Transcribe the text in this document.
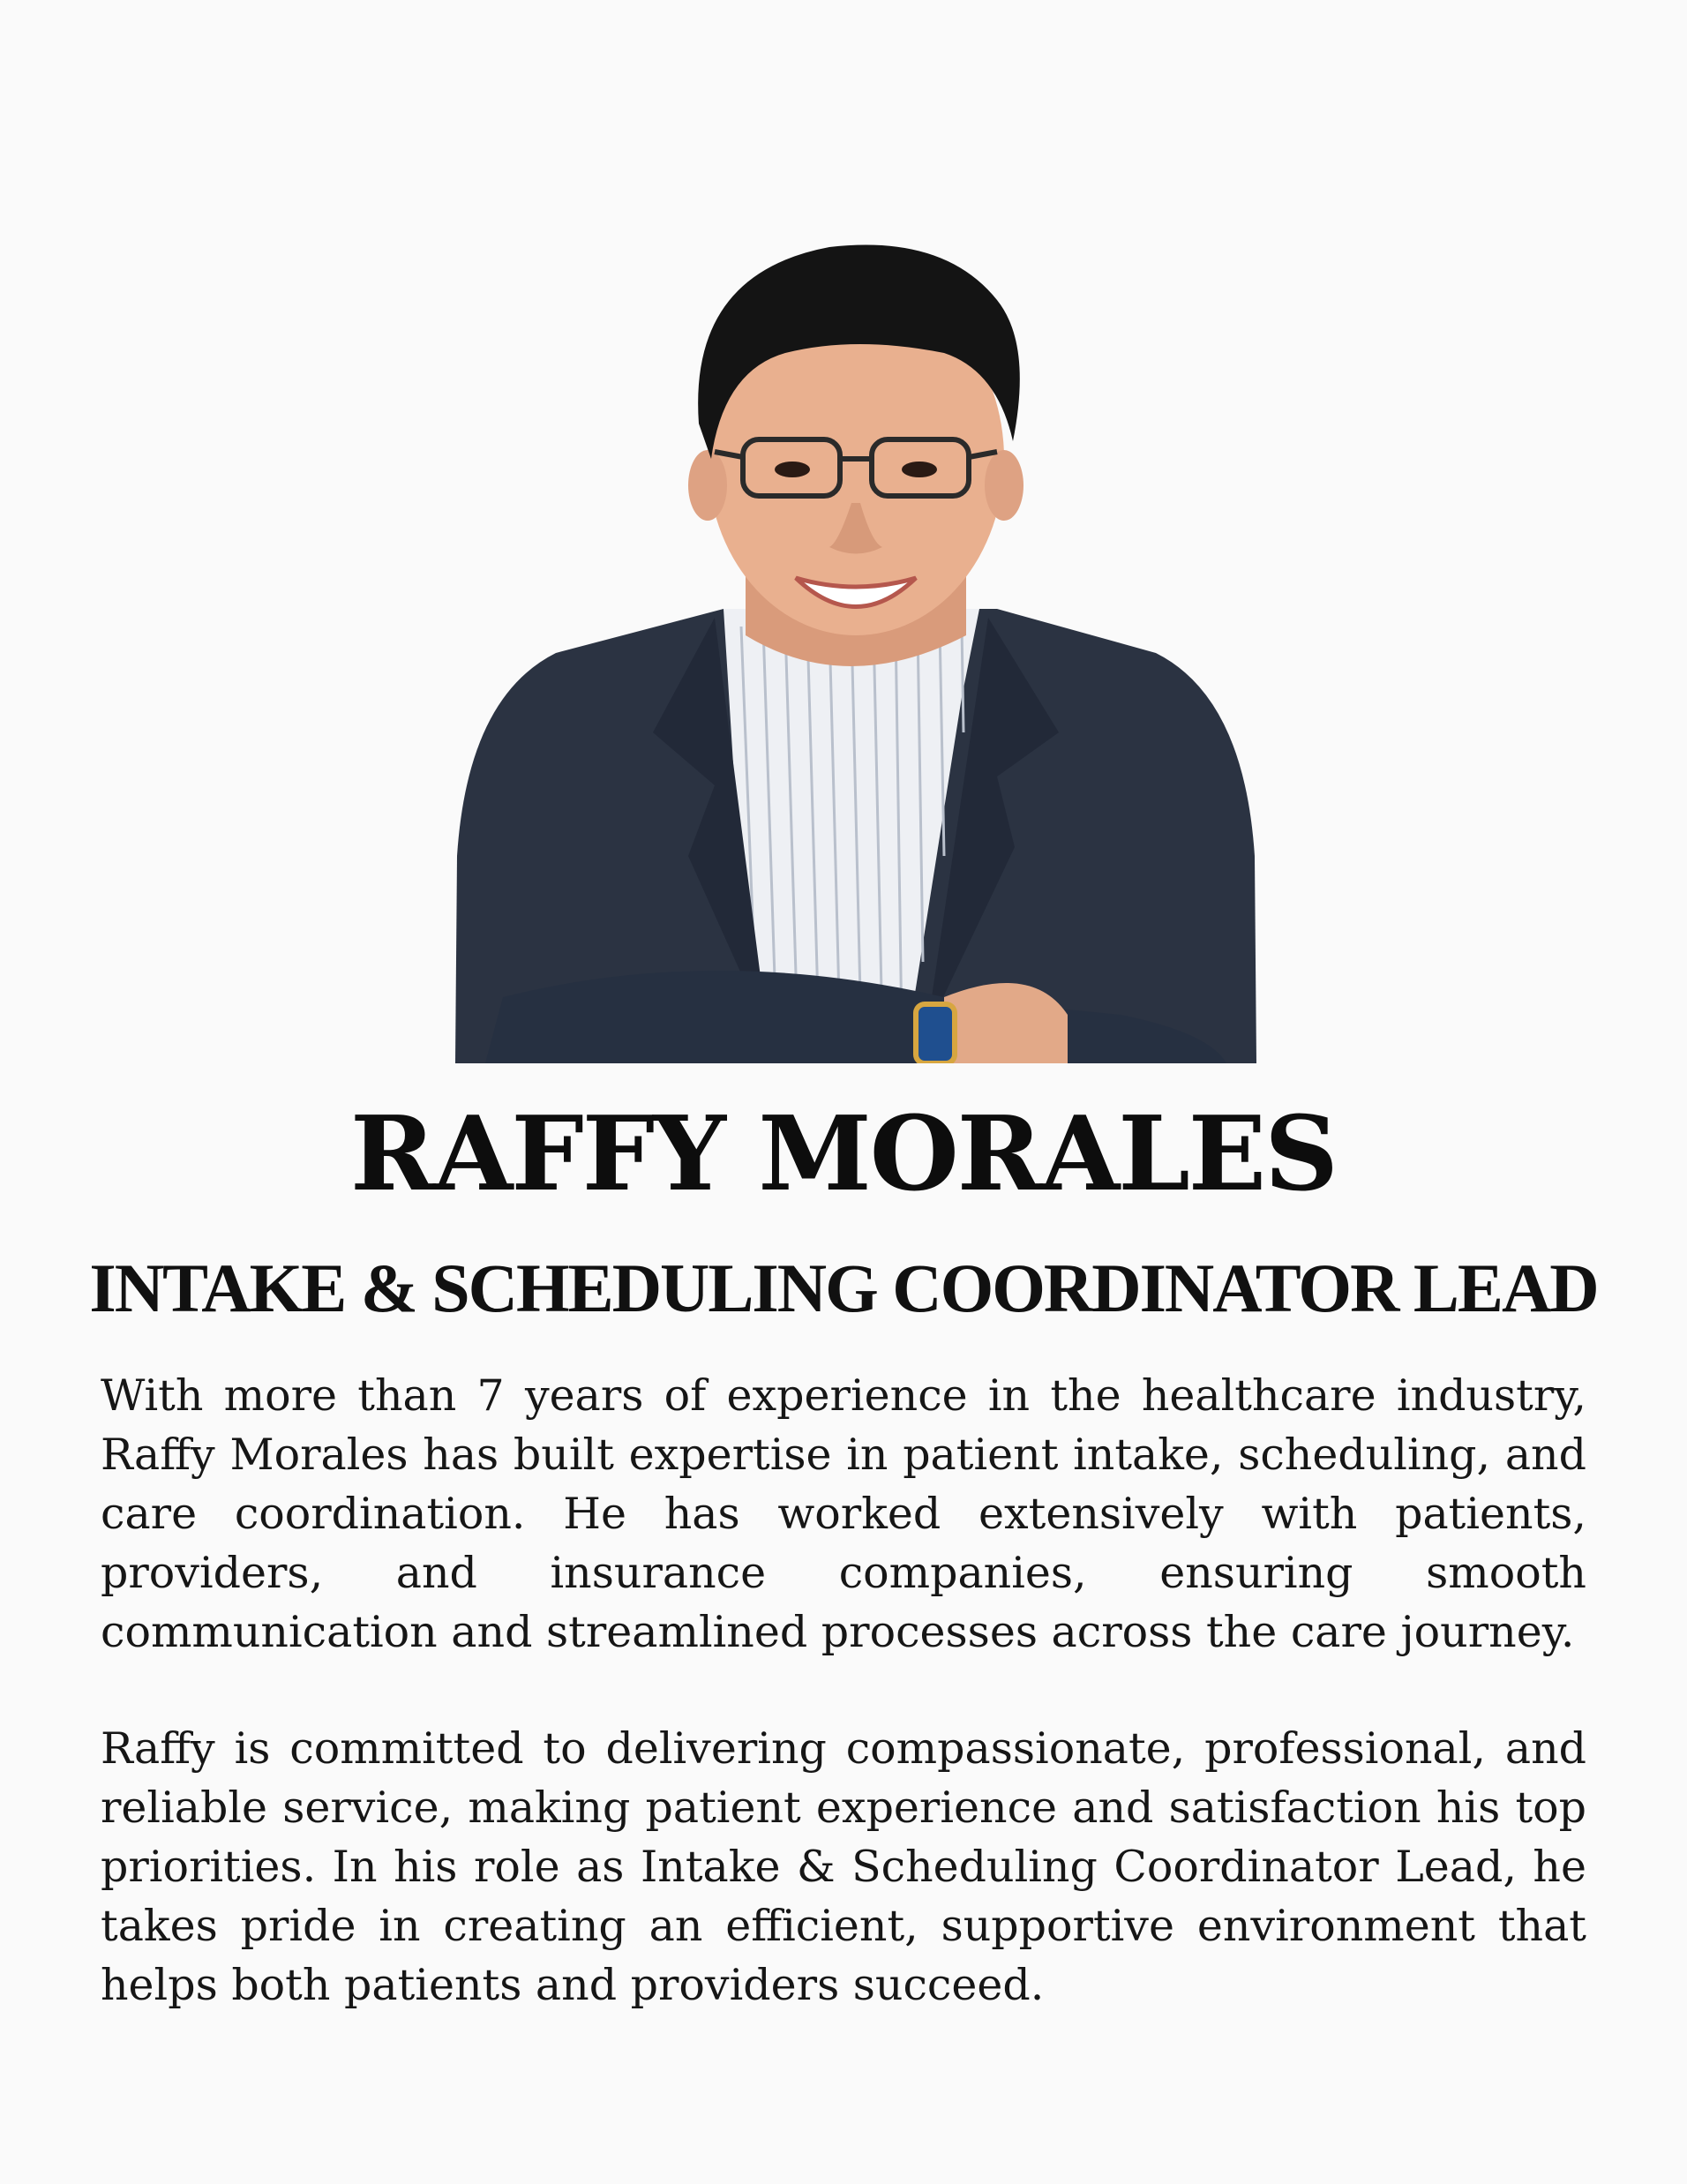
RAFFY MORALES
INTAKE & SCHEDULING COORDINATOR LEAD

With more than 7 years of experience in the healthcare industry, Raffy Morales has built expertise in patient intake, scheduling, and care coordination. He has worked extensively with patients, providers, and insurance companies, ensuring smooth communication and streamlined processes across the care journey.

Raffy is committed to delivering compassionate, professional, and reliable service, making patient experience and satisfaction his top priorities. In his role as Intake & Scheduling Coordinator Lead, he takes pride in creating an efficient, supportive environment that helps both patients and providers succeed.
